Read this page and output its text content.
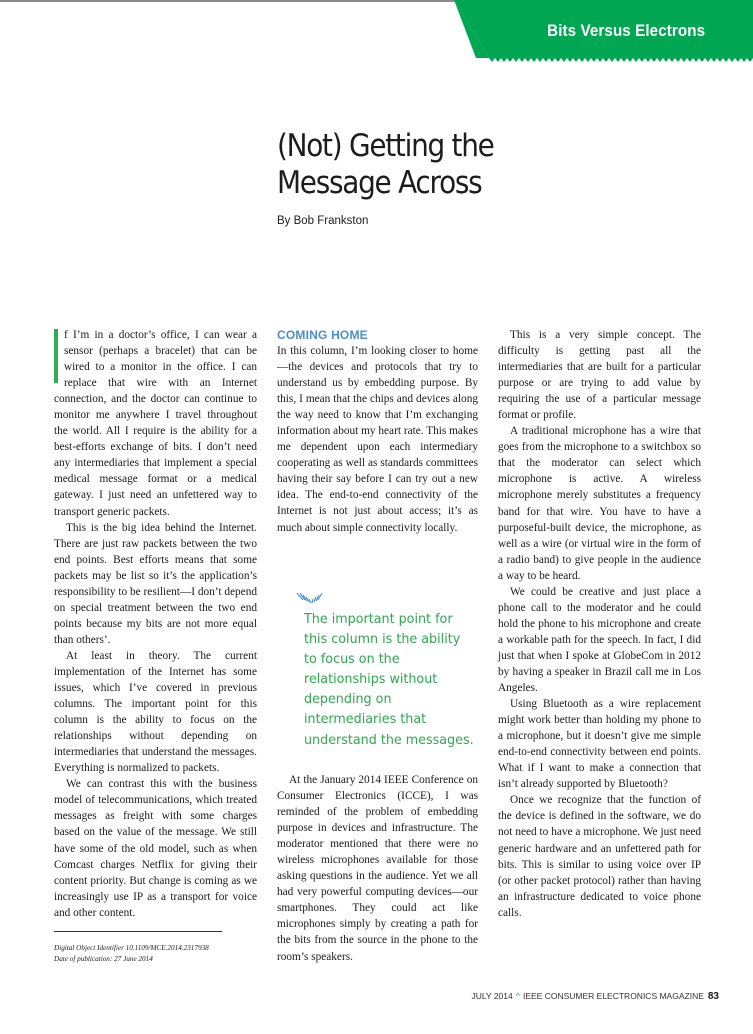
Bits Versus Electrons
(Not) Getting the
Message Across
By Bob Frankston

f I’m in a doctor’s office, I can wear a sensor (perhaps a bracelet) that can be wired to a monitor in the office. I can replace that wire with an Internet connection, and the doctor can continue to monitor me anywhere I travel throughout the world. All I require is the ability for a best-efforts exchange of bits. I don’t need any intermediaries that implement a special medical message format or a medical gateway. I just need an unfettered way to transport generic packets.

This is the big idea behind the Internet. There are just raw packets between the two end points. Best efforts means that some packets may be list so it’s the application’s responsibility to be resilient—I don’t depend on special treatment between the two end points because my bits are not more equal than others’.

At least in theory. The current implementation of the Internet has some issues, which I’ve covered in previous columns. The important point for this column is the ability to focus on the relationships without depending on intermediaries that understand the messages. Everything is normalized to packets.

We can contrast this with the business model of telecommunications, which treated messages as freight with some charges based on the value of the message. We still have some of the old model, such as when Comcast charges Netflix for giving their content priority. But change is coming as we increasingly use IP as a transport for voice and other content.

COMING HOME

In this column, I’m looking closer to home—the devices and protocols that try to understand us by embedding purpose. By this, I mean that the chips and devices along the way need to know that I’m exchanging information about my heart rate. This makes me dependent upon each intermediary cooperating as well as standards committees having their say before I can try out a new idea. The end-to-end connectivity of the Internet is not just about access; it’s as much about simple connectivity locally.

The important point for this column is the ability to focus on the relationships without depending on intermediaries that understand the messages.

At the January 2014 IEEE Conference on Consumer Electronics (ICCE), I was reminded of the problem of embedding purpose in devices and infrastructure. The moderator mentioned that there were no wireless microphones available for those asking questions in the audience. Yet we all had very powerful computing devices—our smartphones. They could act like microphones simply by creating a path for the bits from the source in the phone to the room’s speakers.

This is a very simple concept. The difficulty is getting past all the intermediaries that are built for a particular purpose or are trying to add value by requiring the use of a particular message format or profile.

A traditional microphone has a wire that goes from the microphone to a switchbox so that the moderator can select which microphone is active. A wireless microphone merely substitutes a frequency band for that wire. You have to have a purposeful-built device, the microphone, as well as a wire (or virtual wire in the form of a radio band) to give people in the audience a way to be heard.

We could be creative and just place a phone call to the moderator and he could hold the phone to his microphone and create a workable path for the speech. In fact, I did just that when I spoke at GlobeCom in 2012 by having a speaker in Brazil call me in Los Angeles.

Using Bluetooth as a wire replacement might work better than holding my phone to a microphone, but it doesn’t give me simple end-to-end connectivity between end points. What if I want to make a connection that isn’t already supported by Bluetooth?

Once we recognize that the function of the device is defined in the software, we do not need to have a microphone. We just need generic hardware and an unfettered path for bits. This is similar to using voice over IP (or other packet protocol) rather than having an infrastructure dedicated to voice phone calls.

Digital Object Identifier 10.1109/MCE.2014.2317938
Date of publication: 27 June 2014
JULY 2014 ^ IEEE CONSUMER ELECTRONICS MAGAZINE 83
